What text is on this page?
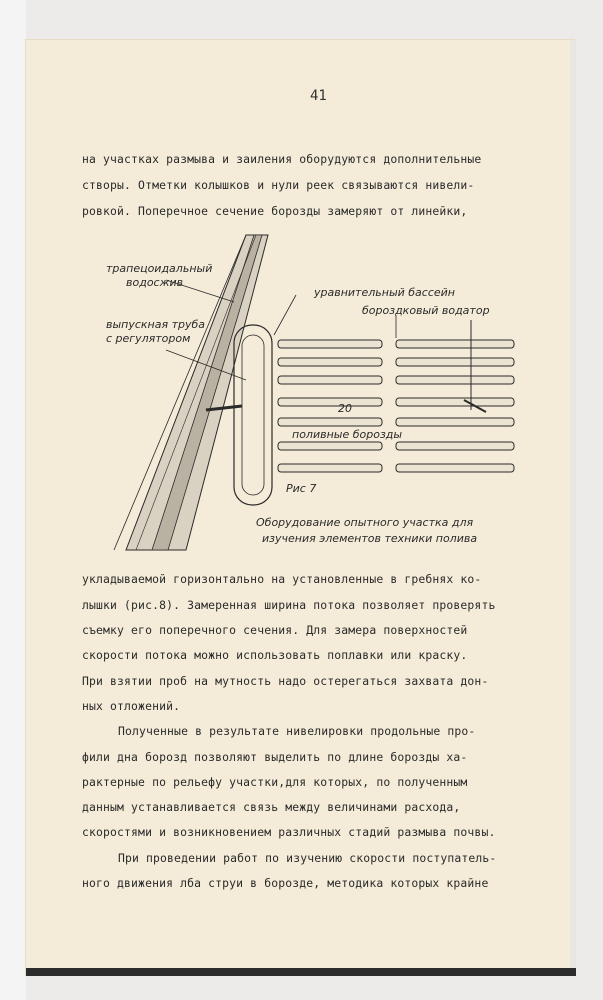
41
на участках размыва и заиления оборудуются дополнительные
створы. Отметки колышков и нули реек связываются нивели-
ровкой. Поперечное сечение борозды замеряют от линейки,
трапецоидальный
водосжив
выпускная труба
с регулятором
уравнительный бассейн
бороздковый водатор
20
поливные борозды
Рис 7
Оборудование опытного участка для
изучения элементов техники полива
укладываемой горизонтально на установленные в гребнях ко-
лышки (рис.8). Замеренная ширина потока позволяет проверять
съемку его поперечного сечения. Для замера поверхностей
скорости потока можно использовать поплавки или краску.
При взятии проб на мутность надо остерегаться захвата дон-
ных отложений.
Полученные в результате нивелировки продольные про-
фили дна борозд позволяют выделить по длине борозды ха-
рактерные по рельефу участки,для которых, по полученным
данным устанавливается связь между величинами расхода,
скоростями и возникновением различных стадий размыва почвы.
При проведении работ по изучению скорости поступатель-
ного движения лба струи в борозде, методика которых крайне
